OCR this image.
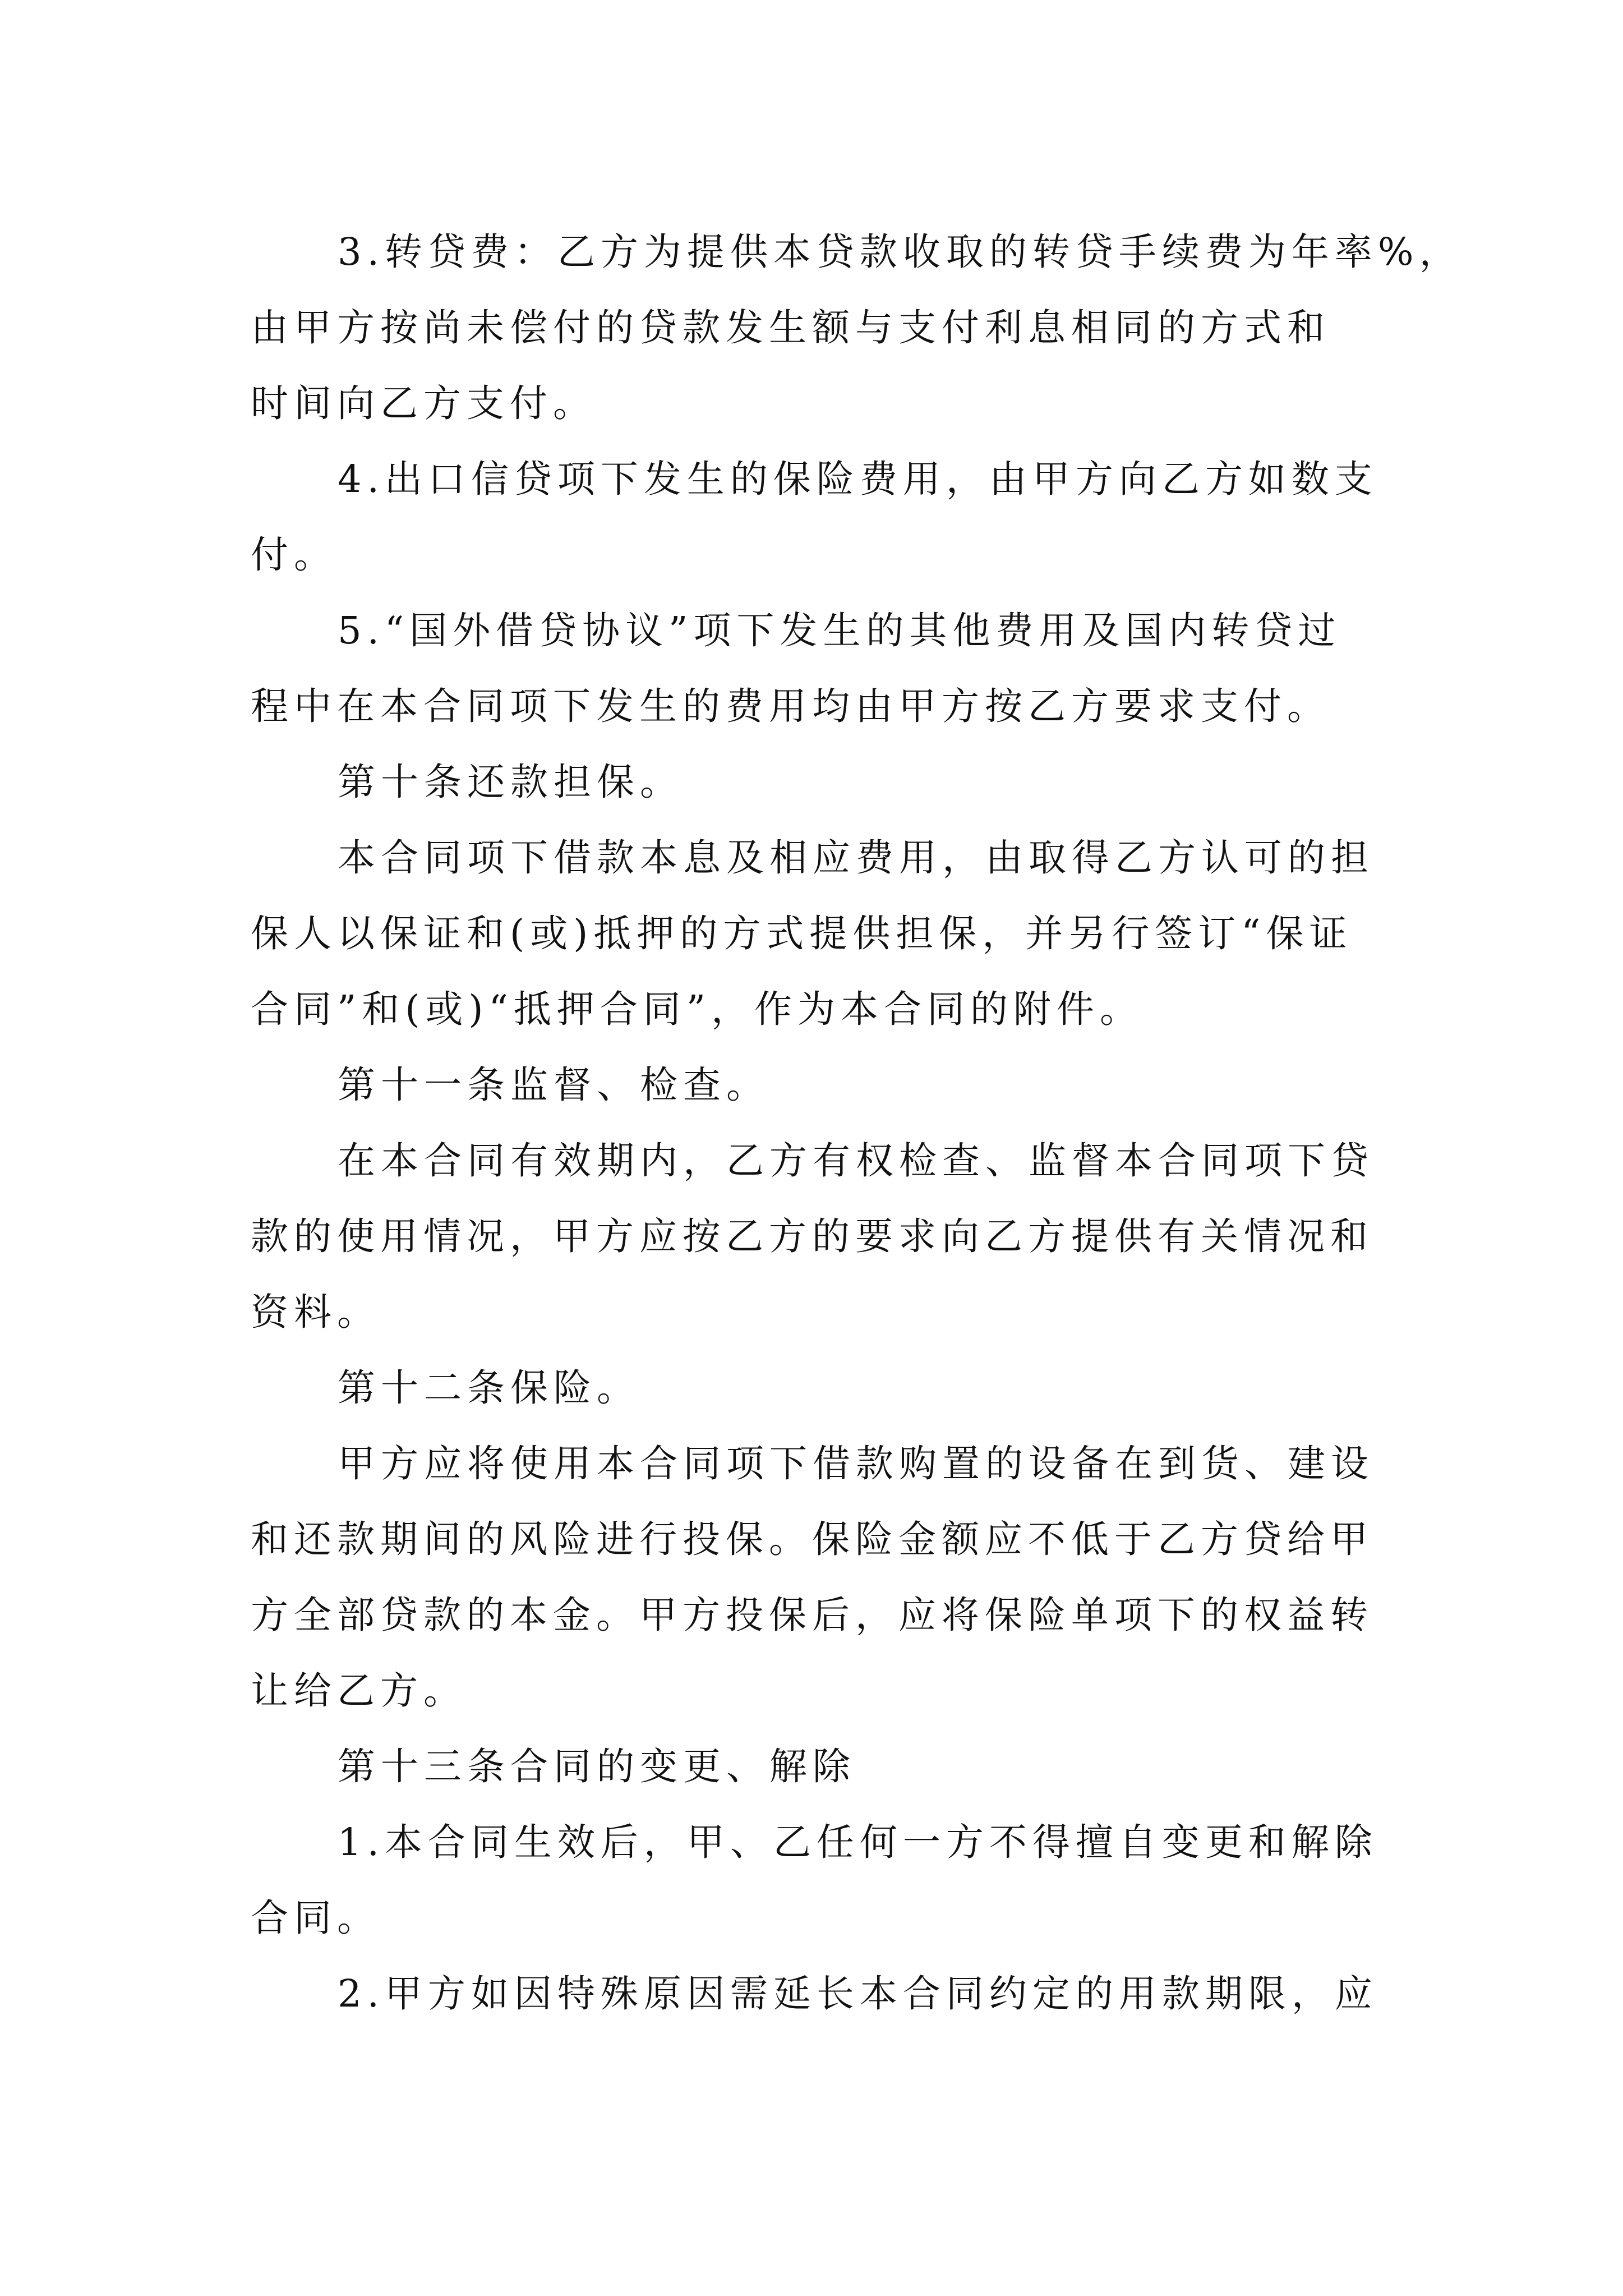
3.转贷费：乙方为提供本贷款收取的转贷手续费为年率%，
由甲方按尚未偿付的贷款发生额与支付利息相同的方式和
时间向乙方支付。
4.出口信贷项下发生的保险费用，由甲方向乙方如数支
付。
5.“国外借贷协议”项下发生的其他费用及国内转贷过
程中在本合同项下发生的费用均由甲方按乙方要求支付。
第十条还款担保。
本合同项下借款本息及相应费用，由取得乙方认可的担
保人以保证和(或)抵押的方式提供担保，并另行签订“保证
合同”和(或)“抵押合同”，作为本合同的附件。
第十一条监督、检查。
在本合同有效期内，乙方有权检查、监督本合同项下贷
款的使用情况，甲方应按乙方的要求向乙方提供有关情况和
资料。
第十二条保险。
甲方应将使用本合同项下借款购置的设备在到货、建设
和还款期间的风险进行投保。保险金额应不低于乙方贷给甲
方全部贷款的本金。甲方投保后，应将保险单项下的权益转
让给乙方。
第十三条合同的变更、解除
1.本合同生效后，甲、乙任何一方不得擅自变更和解除
合同。
2.甲方如因特殊原因需延长本合同约定的用款期限，应
